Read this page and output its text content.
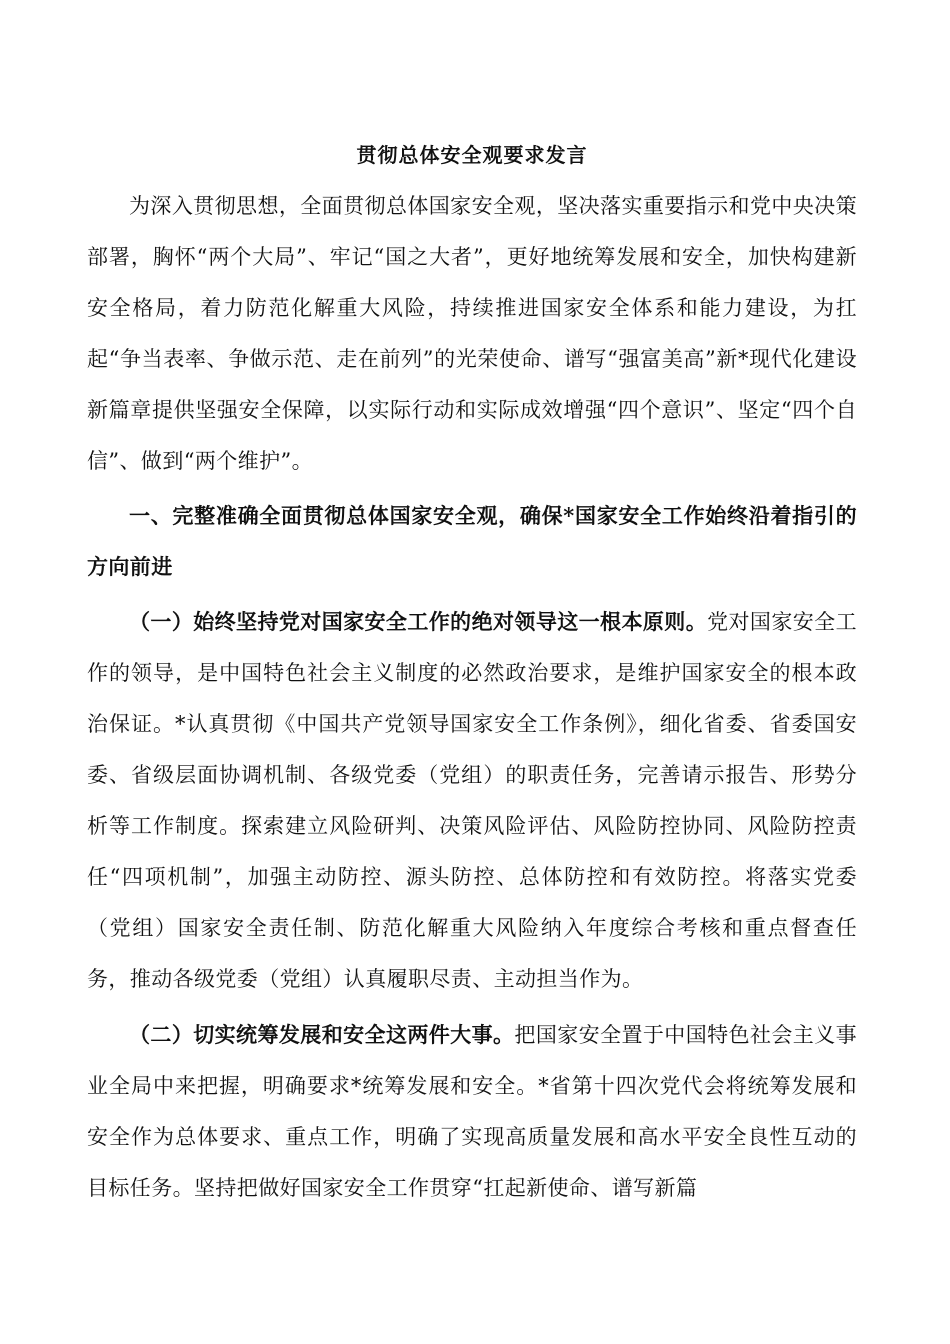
贯彻总体安全观要求发言

为深入贯彻思想，全面贯彻总体国家安全观，坚决落实重要指示和党中央决策部署，胸怀“两个大局”、牢记“国之大者”，更好地统筹发展和安全，加快构建新安全格局，着力防范化解重大风险，持续推进国家安全体系和能力建设，为扛起“争当表率、争做示范、走在前列”的光荣使命、谱写“强富美高”新*现代化建设新篇章提供坚强安全保障，以实际行动和实际成效增强“四个意识”、坚定“四个自信”、做到“两个维护”。

一、完整准确全面贯彻总体国家安全观，确保*国家安全工作始终沿着指引的方向前进

（一）始终坚持党对国家安全工作的绝对领导这一根本原则。党对国家安全工作的领导，是中国特色社会主义制度的必然政治要求，是维护国家安全的根本政治保证。*认真贯彻《中国共产党领导国家安全工作条例》，细化省委、省委国安委、省级层面协调机制、各级党委（党组）的职责任务，完善请示报告、形势分析等工作制度。探索建立风险研判、决策风险评估、风险防控协同、风险防控责任“四项机制”，加强主动防控、源头防控、总体防控和有效防控。将落实党委（党组）国家安全责任制、防范化解重大风险纳入年度综合考核和重点督查任务，推动各级党委（党组）认真履职尽责、主动担当作为。

（二）切实统筹发展和安全这两件大事。把国家安全置于中国特色社会主义事业全局中来把握，明确要求*统筹发展和安全。*省第十四次党代会将统筹发展和安全作为总体要求、重点工作，明确了实现高质量发展和高水平安全良性互动的目标任务。坚持把做好国家安全工作贯穿“扛起新使命、谱写新篇
